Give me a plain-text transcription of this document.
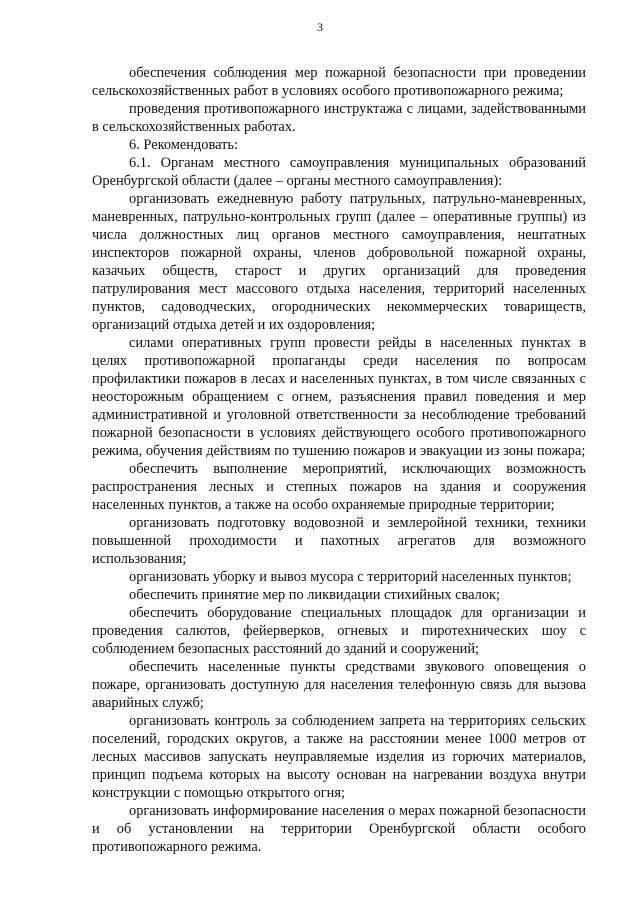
3

обеспечения соблюдения мер пожарной безопасности при проведении сельскохозяйственных работ в условиях особого противопожарного режима;

проведения противопожарного инструктажа с лицами, задействованными в сельскохозяйственных работах.

6. Рекомендовать:

6.1. Органам местного самоуправления муниципальных образований Оренбургской области (далее – органы местного самоуправления):

организовать ежедневную работу патрульных, патрульно-маневренных, маневренных, патрульно-контрольных групп (далее – оперативные группы) из числа должностных лиц органов местного самоуправления, нештатных инспекторов пожарной охраны, членов добровольной пожарной охраны, казачьих обществ, старост и других организаций для проведения патрулирования мест массового отдыха населения, территорий населенных пунктов, садоводческих, огороднических некоммерческих товариществ, организаций отдыха детей и их оздоровления;

силами оперативных групп провести рейды в населенных пунктах в целях противопожарной пропаганды среди населения по вопросам профилактики пожаров в лесах и населенных пунктах, в том числе связанных с неосторожным обращением с огнем, разъяснения правил поведения и мер административной и уголовной ответственности за несоблюдение требований пожарной безопасности в условиях действующего особого противопожарного режима, обучения действиям по тушению пожаров и эвакуации из зоны пожара;

обеспечить выполнение мероприятий, исключающих возможность распространения лесных и степных пожаров на здания и сооружения населенных пунктов, а также на особо охраняемые природные территории;

организовать подготовку водовозной и землеройной техники, техники повышенной проходимости и пахотных агрегатов для возможного использования;

организовать уборку и вывоз мусора с территорий населенных пунктов;

обеспечить принятие мер по ликвидации стихийных свалок;

обеспечить оборудование специальных площадок для организации и проведения салютов, фейерверков, огневых и пиротехнических шоу с соблюдением безопасных расстояний до зданий и сооружений;

обеспечить населенные пункты средствами звукового оповещения о пожаре, организовать доступную для населения телефонную связь для вызова аварийных служб;

организовать контроль за соблюдением запрета на территориях сельских поселений, городских округов, а также на расстоянии менее 1000 метров от лесных массивов запускать неуправляемые изделия из горючих материалов, принцип подъема которых на высоту основан на нагревании воздуха внутри конструкции с помощью открытого огня;

организовать информирование населения о мерах пожарной безопасности и об установлении на территории Оренбургской области особого противопожарного режима.
